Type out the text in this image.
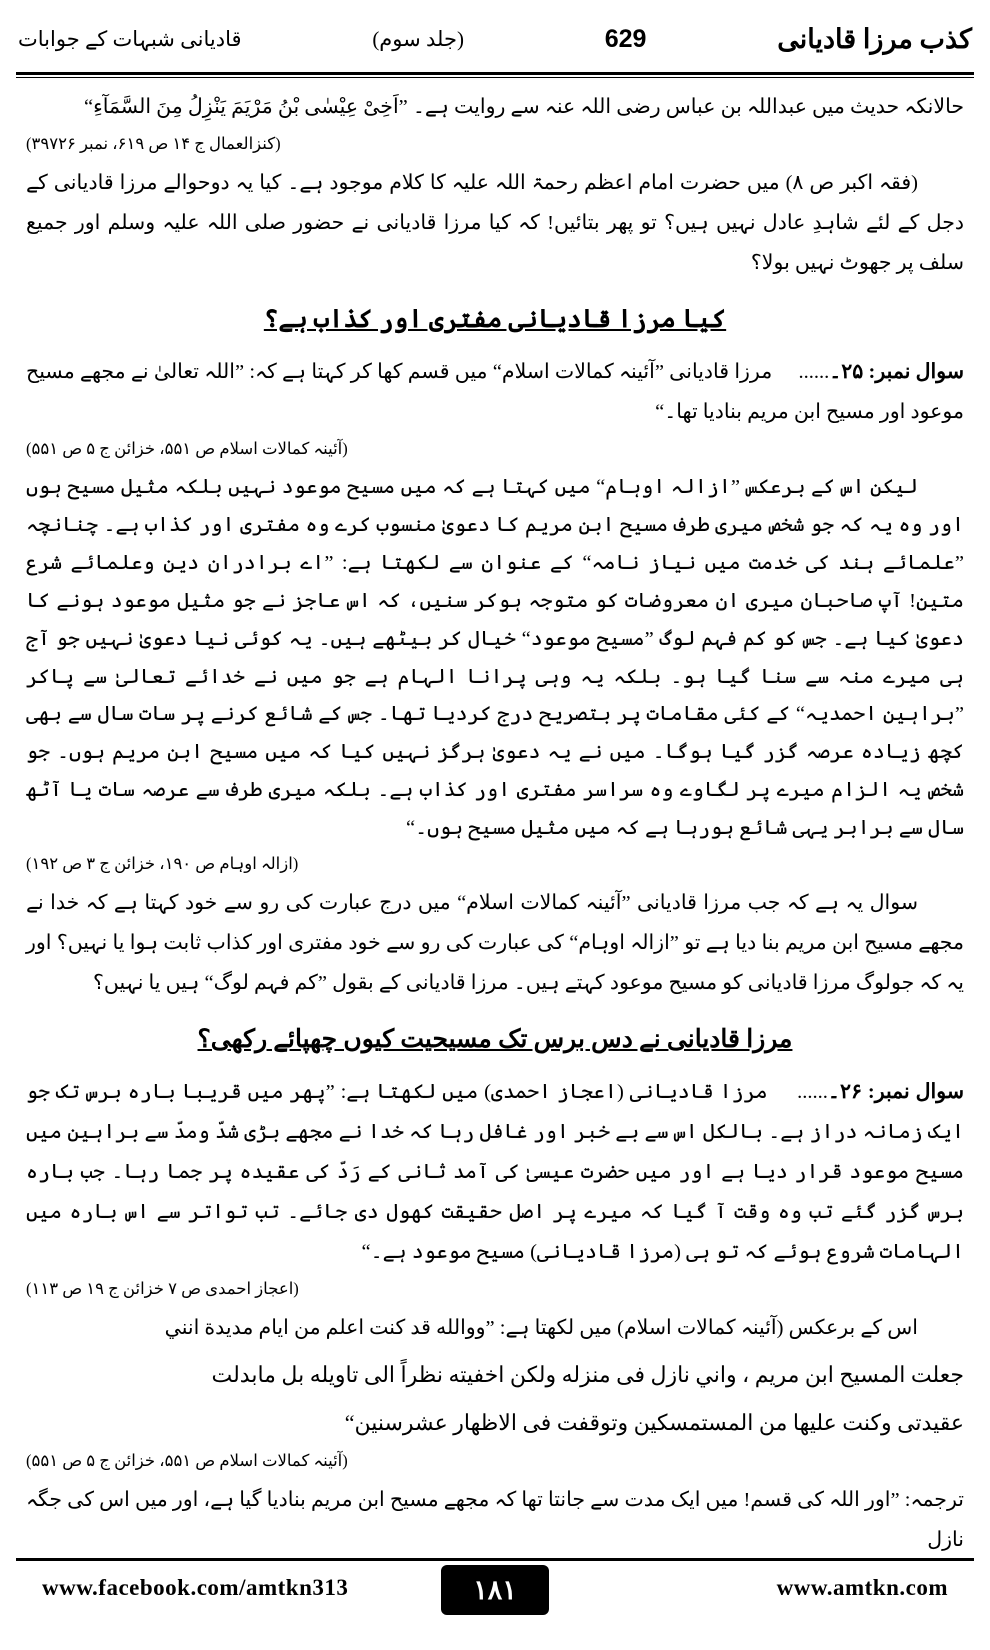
كذب مرزا قادیانی
629
(جلد سوم)
قادیانی شبہات کے جوابات

حالانکہ حدیث میں عبداللہ بن عباس رضی اللہ عنہ سے روایت ہے۔ ”اَخِیْ عِیْسٰی بْنُ مَرْیَمَ یَنْزِلُ مِنَ السَّمَآءِ“

(کنزالعمال ج ۱۴ ص ۶۱۹، نمبر ۳۹۷۲۶)

(فقہ اکبر ص ۸) میں حضرت امام اعظم رحمۃ اللہ علیہ کا کلام موجود ہے۔ کیا یہ دوحوالے مرزا قادیانی کے دجل کے لئے شاہدِ عادل نہیں ہیں؟ تو پھر بتائیں! کہ کیا مرزا قادیانی نے حضور صلی اللہ علیہ وسلم اور جمیع سلف پر جھوٹ نہیں بولا؟

کیا مرزا قادیانی مفتری اور کذاب ہے؟

سوال نمبر: ۲۵۔......     مرزا قادیانی ”آئینہ کمالات اسلام“ میں قسم کھا کر کہتا ہے کہ: ”اللہ تعالیٰ نے مجھے مسیح موعود اور مسیح ابن مریم بنادیا تھا۔“

(آئینہ کمالات اسلام ص ۵۵۱، خزائن ج ۵ ص ۵۵۱)

لیکن اس کے برعکس ”ازالہ اوہام“ میں کہتا ہے کہ میں مسیح موعود نہیں بلکہ مثیل مسیح ہوں اور وہ یہ کہ جو شخص میری طرف مسیح ابن مریم کا دعویٰ منسوب کرے وہ مفتری اور کذاب ہے۔ چنانچہ ”علمائے ہند کی خدمت میں نیاز نامہ“ کے عنوان سے لکھتا ہے: ”اے برادران دین وعلمائے شرع متین! آپ صاحبان میری ان معروضات کو متوجہ ہوکر سنیں، کہ اس عاجز نے جو مثیل موعود ہونے کا دعویٰ کیا ہے۔ جس کو کم فہم لوگ ”مسیح موعود“ خیال کر بیٹھے ہیں۔ یہ کوئی نیا دعویٰ نہیں جو آج ہی میرے منہ سے سنا گیا ہو۔ بلکہ یہ وہی پرانا الہام ہے جو میں نے خدائے تعالیٰ سے پاکر ”براہین احمدیہ“ کے کئی مقامات پر بتصریح درج کردیا تھا۔ جس کے شائع کرنے پر سات سال سے بھی کچھ زیادہ عرصہ گزر گیا ہوگا۔ میں نے یہ دعویٰ ہرگز نہیں کیا کہ میں مسیح ابن مریم ہوں۔ جو شخص یہ الزام میرے پر لگاوے وہ سراسر مفتری اور کذاب ہے۔ بلکہ میری طرف سے عرصہ سات یا آٹھ سال سے برابر یہی شائع ہورہا ہے کہ میں مثیل مسیح ہوں۔“

(ازالہ اوہام ص ۱۹۰، خزائن ج ۳ ص ۱۹۲)

سوال یہ ہے کہ جب مرزا قادیانی ”آئینہ کمالات اسلام“ میں درج عبارت کی رو سے خود کہتا ہے کہ خدا نے مجھے مسیح ابن مریم بنا دیا ہے تو ”ازالہ اوہام“ کی عبارت کی رو سے خود مفتری اور کذاب ثابت ہوا یا نہیں؟ اور یہ کہ جولوگ مرزا قادیانی کو مسیح موعود کہتے ہیں۔ مرزا قادیانی کے بقول ”کم فہم لوگ“ ہیں یا نہیں؟

مرزا قادیانی نے دس برس تک مسیحیت کیوں چھپائے رکھی؟

سوال نمبر: ۲۶۔......     مرزا قادیانی (اعجاز احمدی) میں لکھتا ہے: ”پھر میں قریبا بارہ برس تک جو ایک زمانہ دراز ہے۔ بالکل اس سے بے خبر اور غافل رہا کہ خدا نے مجھے بڑی شدّ ومدّ سے براہین میں مسیح موعود قرار دیا ہے اور میں حضرت عیسیٰ کی آمد ثانی کے رَدّ کی عقیدہ پر جما رہا۔ جب بارہ برس گزر گئے تب وہ وقت آ گیا کہ میرے پر اصل حقیقت کھول دی جائے۔ تب تواتر سے اس بارہ میں الہامات شروع ہوئے کہ تو ہی (مرزا قادیانی) مسیح موعود ہے۔“

(اعجاز احمدی ص ۷ خزائن ج ۱۹ ص ۱۱۳)

اس کے برعکس (آئینہ کمالات اسلام) میں لکھتا ہے: ”ووالله قد كنت اعلم من ايام مديدة انني

جعلت المسيح ابن مريم ، واني نازل فى منزله ولكن اخفيته نظراً الى تاويله بل مابدلت

عقيدتى وكنت عليها من المستمسكين وتوقفت فى الاظهار عشرسنين“

(آئینہ کمالات اسلام ص ۵۵۱، خزائن ج ۵ ص ۵۵۱)

ترجمہ: ”اور اللہ کی قسم! میں ایک مدت سے جانتا تھا کہ مجھے مسیح ابن مریم بنادیا گیا ہے، اور میں اس کی جگہ نازل

www.facebook.com/amtkn313	۱۸۱	www.amtkn.com
